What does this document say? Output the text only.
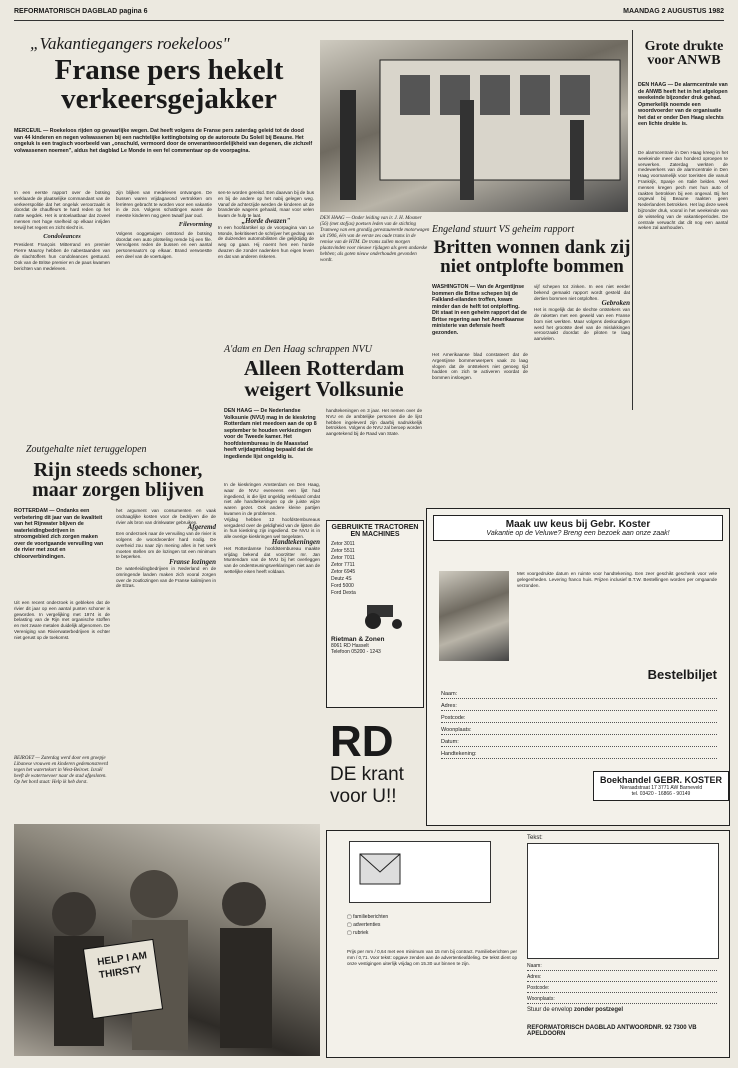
REFORMATORISCH DAGBLAD pagina 6	MAANDAG 2 AUGUSTUS 1982
„Vakantiegangers roekeloos"
Franse pers hekelt verkeersgejakker
MERCEUIL — Roekeloos rijden op gevaarlijke wegen. Dat heeft volgens de Franse pers zaterdag geleid tot de dood van 44 kinderen en negen volwassenen bij een nachtelijke kettingbotsing op de autoroute Du Soleil bij Beaune. Het ongeluk is een tragisch voorbeeld van „onschuld, vermoord door de onverantwoordelijkheid van degenen, die zichzelf volwassenen noemen", aldus het dagblad Le Monde in een fel commentaar op de voorpagina.

In een eerste rapport over de botsing verklaarde de plaatselijke commandant van de verkeerspolitie dat het ongeluk veroorzaakt is doordat de chauffeurs te hard reden op het natte wegdek. Het is ontoelaatbaar dat zoveel mensen met hoge snelheid op elkaar inrijden terwijl het regent en zicht slecht is.

Condoleances

President François Mitterrand en premier Pierre Mauroy hebben de nabestaanden van de slachtoffers hun condoleances gestuurd. Ook van de Britse premier en de paus kwamen berichten van medeleven.

zijn blijken van medeleven ontvangen. De bussen waren vrijdagavond vertrokken om ferriëren gebracht te worden voor een vakantie in de zon. Volgens schattingen waren de meeste kinderen nog geen twaalf jaar oud.

Filevorming

Volgens ooggetuigen ontstond de botsing doordat een auto plotseling remde bij een file. Vervolgens reden de bussen en een aantal personenauto's op elkaar. Brand verwoestte een deel van de voertuigen.

sen-te worden gereisd. Een daarvan bij de bus en bij de andere op het nabij gelegen weg. Vanaf de achterzijde werden de kinderen uit de brandende wagens gehaald, maar voor velen kwam de hulp te laat.

„Horde dwazen"

In een hoofdartikel op de voorpagina van Le Monde, bekritiseert de schrijver het gedrag van de duizenden automobilisten die gelijktijdig de weg op gaan. Hij noemt hen een horde dwazen die zonder nadenken hun eigen leven en dat van anderen riskeren.

DEN HAAG — Onder leiding van ir. J. H. Mosmer (56) (met stofjas) poetsen leden van de stichting Tramweg van een grondig gerestaureerde motorwagen uit 1906, één van de eerste zes oude trams in de remise van de HTM. De trams zullen morgen plaatsvinden voor nieuwe rijdagen als geen andaeske hebben; als goten nieuw onderhouden gevonden wordt.
Grote drukte voor ANWB
DEN HAAG — De alarmcentrale van de ANWB heeft het in het afgelopen weekeinde bijzonder druk gehad. Opmerkelijk noemde een woordvoerder van de organisatie het dat er onder Den Haag slechts een lichte drukte is.

De alarmcentrale in Den Haag kreeg in het weekeinde meer dan honderd oproepen te verwerken. Zaterdag werkten de medewerkers van de alarmcentrale in Den Haag voornamelijk voor toeristen die vanuit Frankrijk, Spanje en Italië belden. Veel mensen kregen pech met hun auto of raakten betrokken bij een ongeval. Bij het ongeval bij Beaune raakten geen Nederlanders betrokken. Het lag deze week bijzonder druk, vooral in het weekeinde van de wisseling van de vakantieperiodes. De centrale verwacht dat dit nog een aantal weken zal aanhouden.

Engeland stuurt VS geheim rapport
Britten wonnen dank zij niet ontplofte bommen
WASHINGTON — Van de Argentijnse bommen die Britse schepen bij de Falkland-eilanden troffen, kwam minder dan de helft tot ontploffing. Dit staat in een geheim rapport dat de Britse regering aan het Amerikaanse ministerie van defensie heeft gezonden.

Het Amerikaanse blad constateert dat de Argentijnse bommenwerpers vaak zo laag vlogen dat de ontstekers niet genoeg tijd hadden om zich te activeren voordat de bommen insloegen.

vijf schepen tot zinken. In een niet eerder bekend gemaakt rapport wordt gesteld dat dertien bommen niet ontploften.

Gebroken

Het is mogelijk dat de slechte ontstekers van de raketten met een geweld van een Franse bom niet werkten. Maar volgens deskundigen werd het grootste deel van de mislukkingen veroorzaakt doordat de piloten te laag aanvielen.

A'dam en Den Haag schrappen NVU
Alleen Rotterdam weigert Volksunie
DEN HAAG — De Nederlandse Volksunie (NVU) mag in de kieskring Rotterdam niet meedoen aan de op 8 september te houden verkiezingen voor de Tweede kamer. Het hoofdstembureau in de Maasstad heeft vrijdagmiddag bepaald dat de ingediende lijst ongeldig is.

In de kieskringen Amsterdam en Den Haag, waar de NVU eveneens een lijst had ingediend, is die lijst ongeldig verklaard omdat niet alle handtekeningen op de juiste wijze waren gezet. Ook andere kleine partijen kwamen in de problemen.

Vrijdag hebben 12 hoofdstembureaus vergaderd over de geldigheid van de lijsten die in hun kieskring zijn ingediend. De NVU is in alle overige kieskringen wel toegelaten.

Handtekeningen

Het Rotterdamse hoofdstembureau maakte vrijdag bekend dat voorzitter mr. Jan Muntendam van de NVU bij het overleggen van de ondersteuningsverklaringen niet aan de wettelijke eisen heeft voldaan.

handtekeningen en 3 jaar. Het nemen over de NVU en de ambtelijke personen die de lijst hebben ingeleverd zijn daarbij nadrukkelijk betrokken. Volgens de NVU zal beroep worden aangetekend bij de Raad van State.

Zoutgehalte niet teruggelopen
Rijn steeds schoner, maar zorgen blijven
ROTTERDAM — Ondanks een verbetering dit jaar van de kwaliteit van het Rijnwater blijven de waterleidingbedrijven in stroomgebied zich zorgen maken over de voortgaande vervuiling van de rivier met zout en chloorverbindingen.

Uit een recent onderzoek is gebleken dat de rivier dit jaar op een aantal punten schoner is geworden. In vergelijking met 1974 is de belasting van de Rijn met organische stoffen en met zware metalen duidelijk afgenomen. De Vereniging van Rivierwaterbedrijven is echter niet gerust op de toekomst.

het argument van consumenten en vaak ondraaglijke kosten voor de bedrijven die de rivier als bron van drinkwater gebruiken.

Afgeremd

Een onderzoek naar de vervuiling van de rivier is volgens de woordvoerder hard nodig. De overheid zou naar zijn mening alles in het werk moeten stellen om de lozingen tot een minimum te beperken.

Franse lozingen

De waterleidingbedrijven in Nederland en de omringende landen maken zich vooral zorgen over de zoutlozingen van de Franse kalimijnen in de Elzas.

BEIROET — Zaterdag werd door een groepje Libanese vrouwen en kinderen gedemonstreerd tegen het watertekort in West-Beiroet. Israël heeft de watertoevoer naar de stad afgesloten. Op het bord staat: Help ik heb dorst.
HELP I AM THIRSTY
GEBRUIKTE TRACTOREN EN MACHINES
Zetor 3011
Zetor 5511
Zetor 7011
Zetor 7711
Zetor 6945
Deutz 4S
Ford 5000
Ford Dexta
Rietman & Zonen
8061 RD Hasselt
Telefoon 05200 - 1243
RD
DE krant
voor U!!
Maak uw keus bij Gebr. Koster
Vakantie op de Veluwe? Breng een bezoek aan onze zaak!

Met voorgedrukte datum en ruimte voor handtekening. Een zeer geschikt geschenk voor vele gelegenheden. Levering franco huis. Prijzen inclusief B.T.W. Bestellingen worden per omgaande verzonden.

Bestelbiljet
Naam:
Adres:
Postcode:
Woonplaats:
Datum:
Handtekening:
Boekhandel GEBR. KOSTER
Nieraadstraat 17 3771 AW Barneveld
tel. 03420 - 16866 - 90149
Tekst:
▢ familieberichten
▢ advertenties
▢ rubriek

Prijs per mm / 0,64 met een minimum van 15 mm bij contract. Familieberichten per mm / 0,71. Voor tekst: opgave zenden aan de advertentieafdeling. De tekst dient op onze vestigingen uiterlijk vrijdag om 15.30 uur binnen te zijn.	Naam:
Adres:
Postcode:
Woonplaats:
Stuur de envelop zonder postzegel
REFORMATORISCH DAGBLAD ANTWOORDNR. 92 7300 VB APELDOORN
